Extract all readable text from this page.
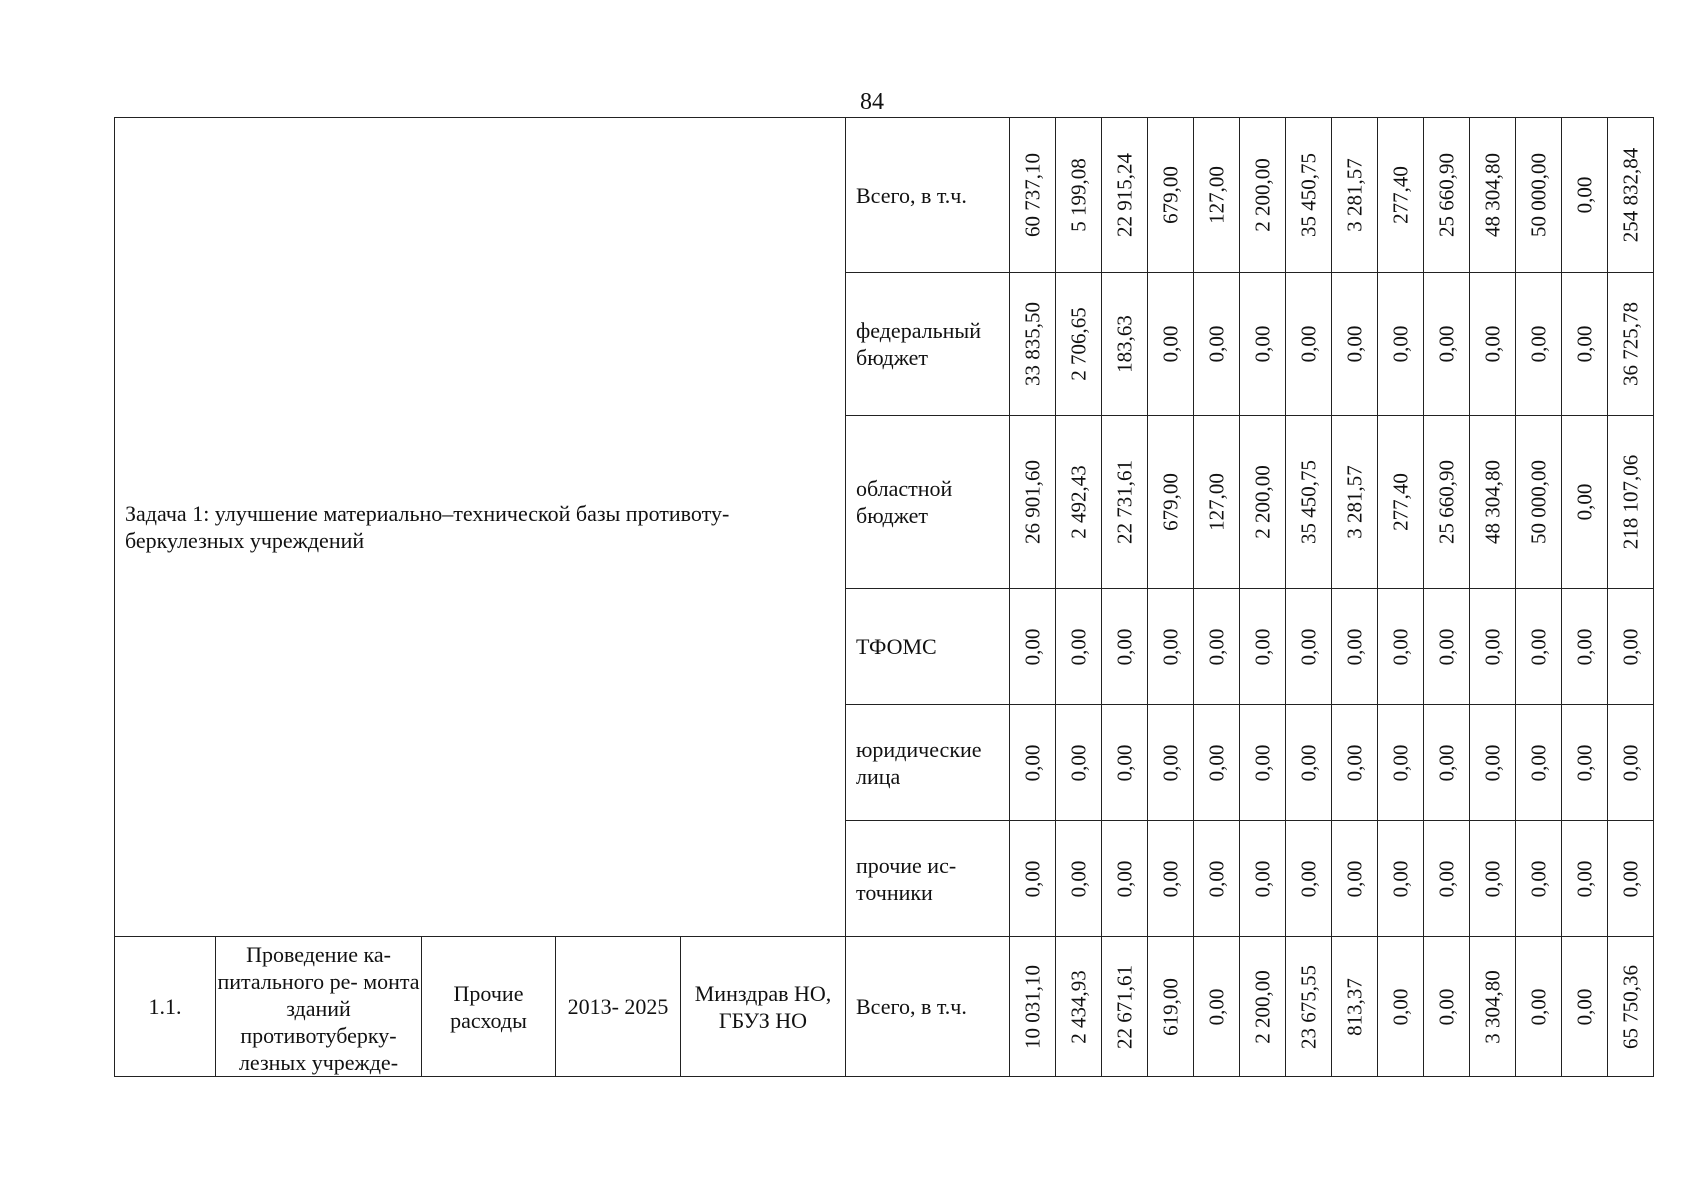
84
Задача 1: улучшение материально–технической базы противоту- беркулезных учреждений					Всего, в т.ч.	60 737,10	5 199,08	22 915,24	679,00	127,00	2 200,00	35 450,75	3 281,57	277,40	25 660,90	48 304,80	50 000,00	0,00	254 832,84

					федеральный бюджет	33 835,50	2 706,65	183,63	0,00	0,00	0,00	0,00	0,00	0,00	0,00	0,00	0,00	0,00	36 725,78

					областной бюджет	26 901,60	2 492,43	22 731,61	679,00	127,00	2 200,00	35 450,75	3 281,57	277,40	25 660,90	48 304,80	50 000,00	0,00	218 107,06

					ТФОМС	0,00	0,00	0,00	0,00	0,00	0,00	0,00	0,00	0,00	0,00	0,00	0,00	0,00	0,00

					юридические лица	0,00	0,00	0,00	0,00	0,00	0,00	0,00	0,00	0,00	0,00	0,00	0,00	0,00	0,00

					прочие ис- точники	0,00	0,00	0,00	0,00	0,00	0,00	0,00	0,00	0,00	0,00	0,00	0,00	0,00	0,00

1.1.	Проведение ка- питального ре- монта зданий противотуберку- лезных учрежде-	Прочие расходы	2013- 2025	Минздрав НО, ГБУЗ НО	Всего, в т.ч.	10 031,10	2 434,93	22 671,61	619,00	0,00	2 200,00	23 675,55	813,37	0,00	0,00	3 304,80	0,00	0,00	65 750,36
